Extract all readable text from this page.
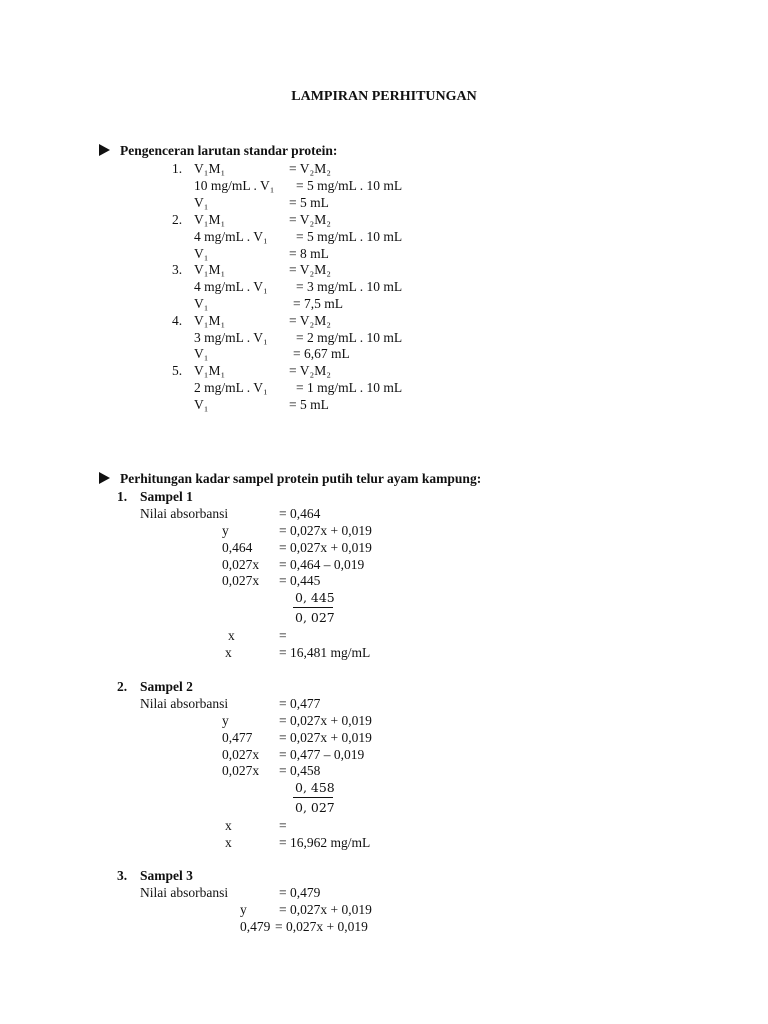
LAMPIRAN PERHITUNGAN
Pengenceran larutan standar protein:
1. V₁M₁	= V₂M₂
10 mg/mL . V₁ = 5 mg/mL . 10 mL
V₁	= 5 mL
2. V₁M₁	= V₂M₂
4 mg/mL . V₁ = 5 mg/mL . 10 mL
V₁	= 8 mL
3. V₁M₁	= V₂M₂
4 mg/mL . V₁ = 3 mg/mL . 10 mL
V₁	= 7,5 mL
4. V₁M₁	= V₂M₂
3 mg/mL . V₁ = 2 mg/mL . 10 mL
V₁	= 6,67 mL
5. V₁M₁	= V₂M₂
2 mg/mL . V₁ = 1 mg/mL . 10 mL
V₁	= 5 mL
Perhitungan kadar sampel protein putih telur ayam kampung:
1. Sampel 1
Nilai absorbansi	= 0,464
y	= 0,027x + 0,019
0,464 = 0,027x + 0,019
0,027x = 0,464 – 0,019
0,027x = 0,445
0, 445
0, 027
x	=
x	= 16,481 mg/mL
2. Sampel 2
Nilai absorbansi	= 0,477
y	= 0,027x + 0,019
0,477 = 0,027x + 0,019
0,027x = 0,477 – 0,019
0,027x = 0,458
0, 458
0, 027
x	=
x	= 16,962 mg/mL
3. Sampel 3
Nilai absorbansi	= 0,479
y = 0,027x + 0,019
0,479 = 0,027x + 0,019
